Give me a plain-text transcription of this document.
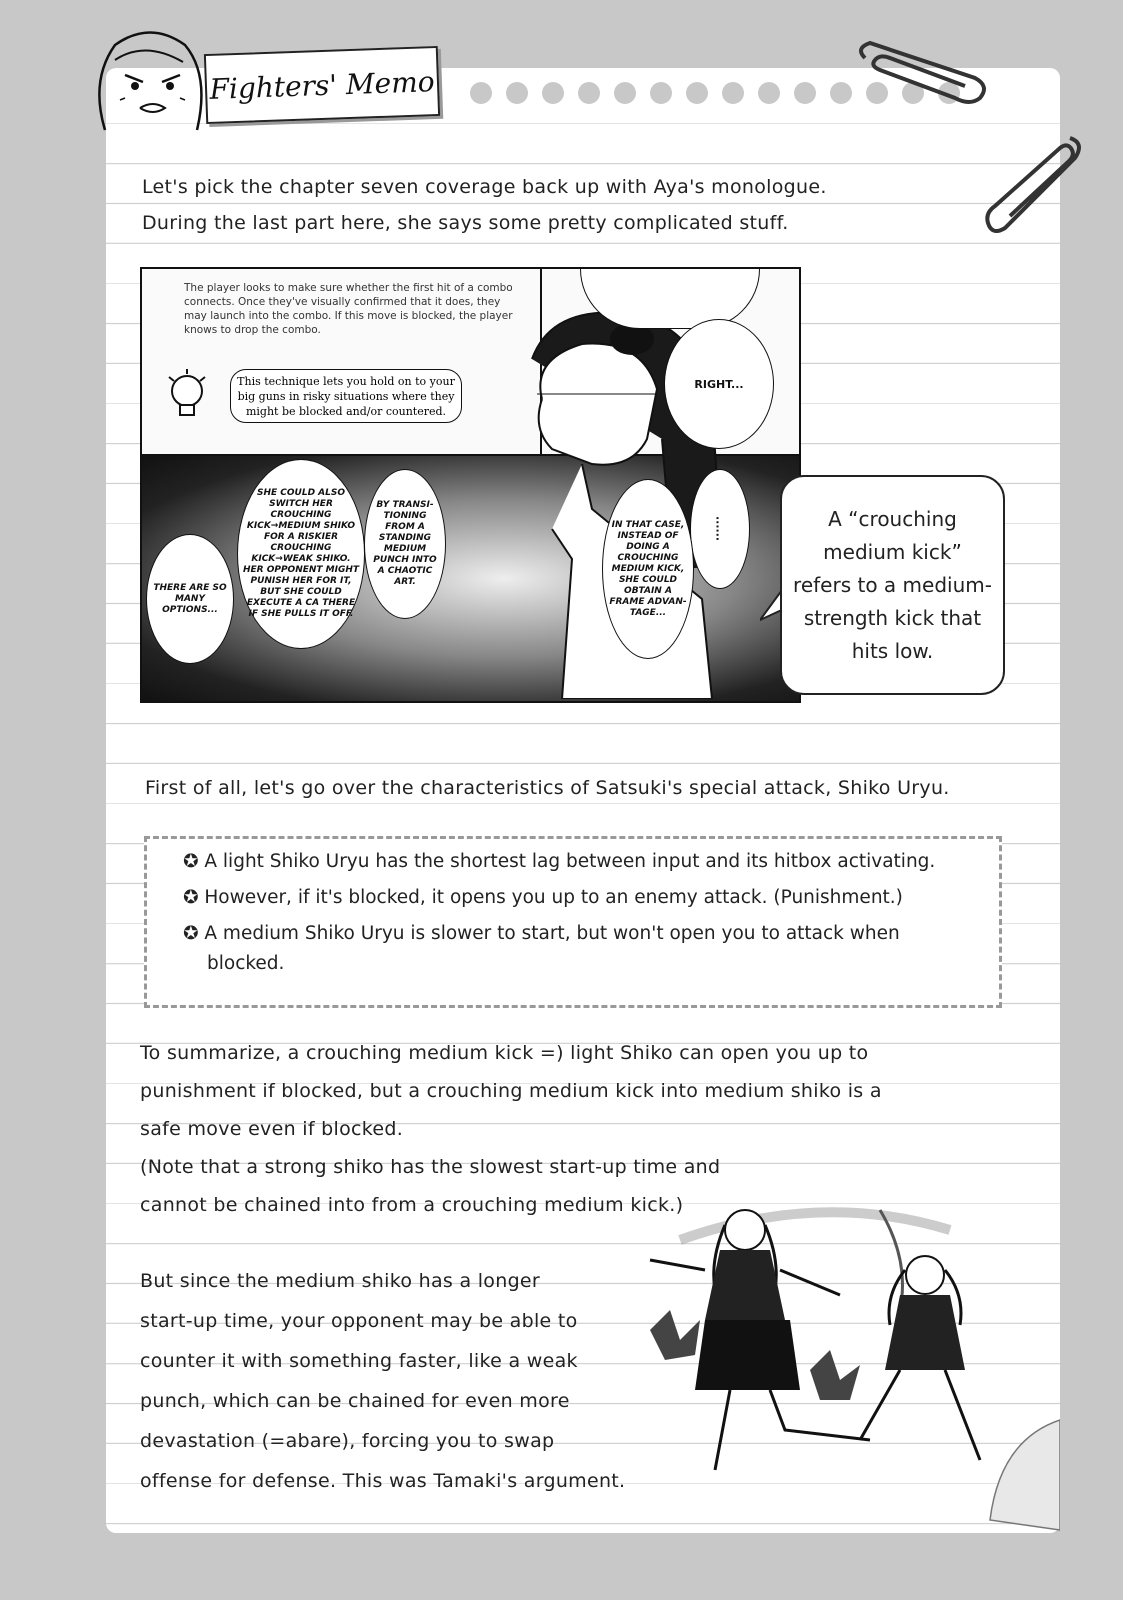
Fighters' Memo
Let's pick the chapter seven coverage back up with Aya's monologue.
During the last part here, she says some pretty complicated stuff.
The player looks to make sure whether the first hit of a combo connects. Once they've visually confirmed that it does, they may launch into the combo. If this move is blocked, the player knows to drop the combo.
This technique lets you hold on to your big guns in risky situations where they might be blocked and/or countered.
RIGHT...
......
THERE ARE SO MANY OPTIONS...
SHE COULD ALSO SWITCH HER CROUCHING KICK→MEDIUM SHIKO FOR A RISKIER CROUCHING KICK→WEAK SHIKO. HER OPPONENT MIGHT PUNISH HER FOR IT, BUT SHE COULD EXECUTE A CA THERE IF SHE PULLS IT OFF.
BY TRANSI-TIONING FROM A STANDING MEDIUM PUNCH INTO A CHAOTIC ART.
IN THAT CASE, INSTEAD OF DOING A CROUCHING MEDIUM KICK, SHE COULD OBTAIN A FRAME ADVAN-TAGE...
A “crouching medium kick” refers to a medium-strength kick that hits low.
First of all, let's go over the characteristics of Satsuki's special attack, Shiko Uryu.
✪ A light Shiko Uryu has the shortest lag between input and its hitbox activating.
✪ However, if it's blocked, it opens you up to an enemy attack. (Punishment.)
✪ A medium Shiko Uryu is slower to start, but won't open you to attack when
blocked.
To summarize, a crouching medium kick =) light Shiko can open you up to
punishment if blocked, but a crouching medium kick into medium shiko is a
safe move even if blocked.
(Note that a strong shiko has the slowest start-up time and
cannot be chained into from a crouching medium kick.)
But since the medium shiko has a longer
start-up time, your opponent may be able to
counter it with something faster, like a weak
punch, which can be chained for even more
devastation (=abare), forcing you to swap
offense for defense. This was Tamaki's argument.
